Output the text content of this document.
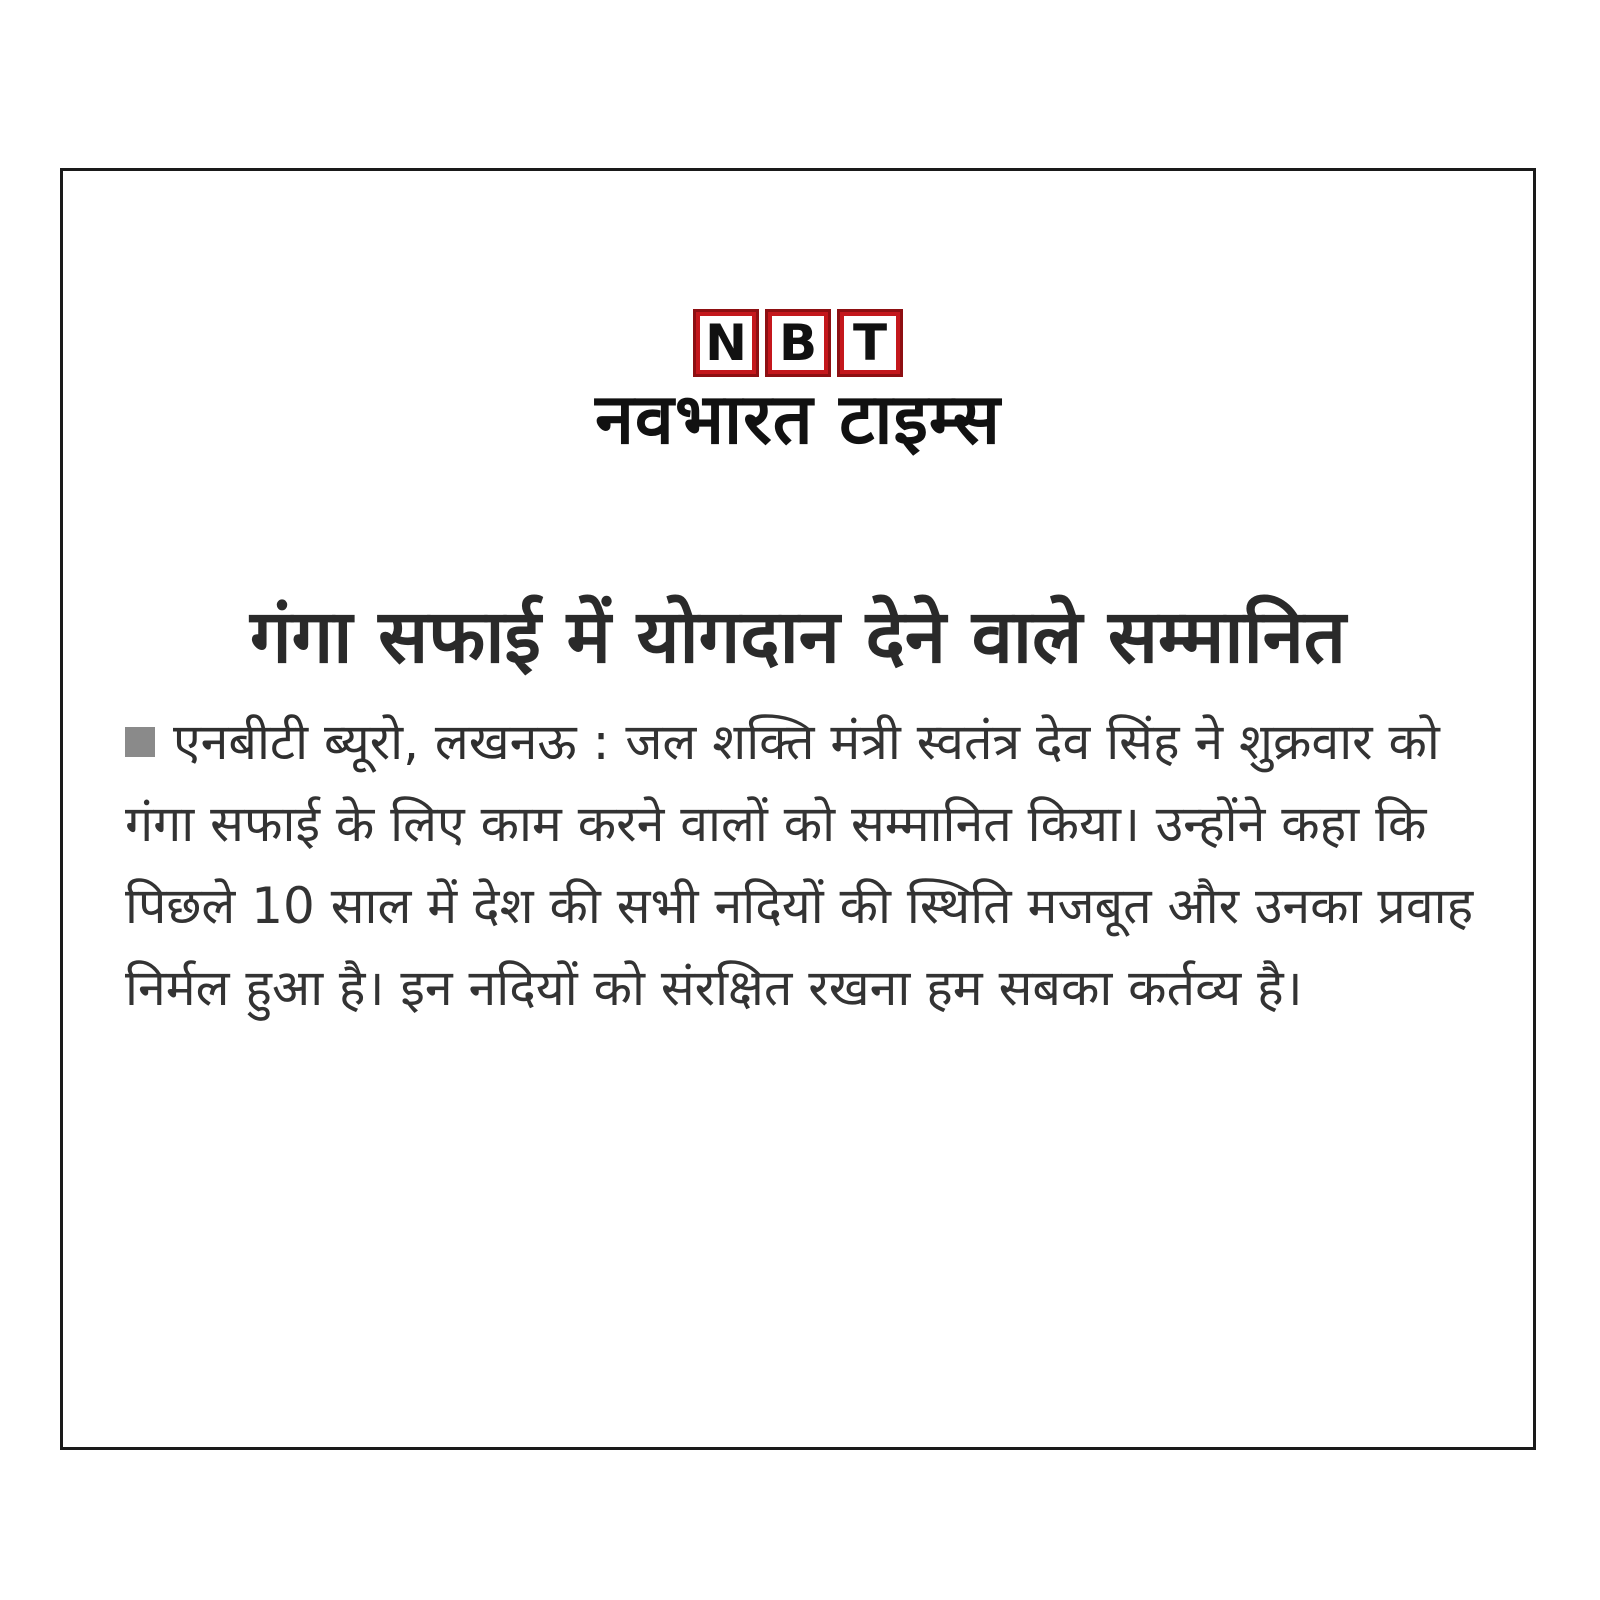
N B T
नवभारत टाइम्स
गंगा सफाई में योगदान देने वाले सम्मानित

एनबीटी ब्यूरो, लखनऊ : जल शक्ति मंत्री स्वतंत्र देव सिंह ने शुक्रवार को गंगा सफाई के लिए काम करने वालों को सम्मानित किया। उन्होंने कहा कि पिछले 10 साल में देश की सभी नदियों की स्थिति मजबूत और उनका प्रवाह निर्मल हुआ है। इन नदियों को संरक्षित रखना हम सबका कर्तव्य है।
